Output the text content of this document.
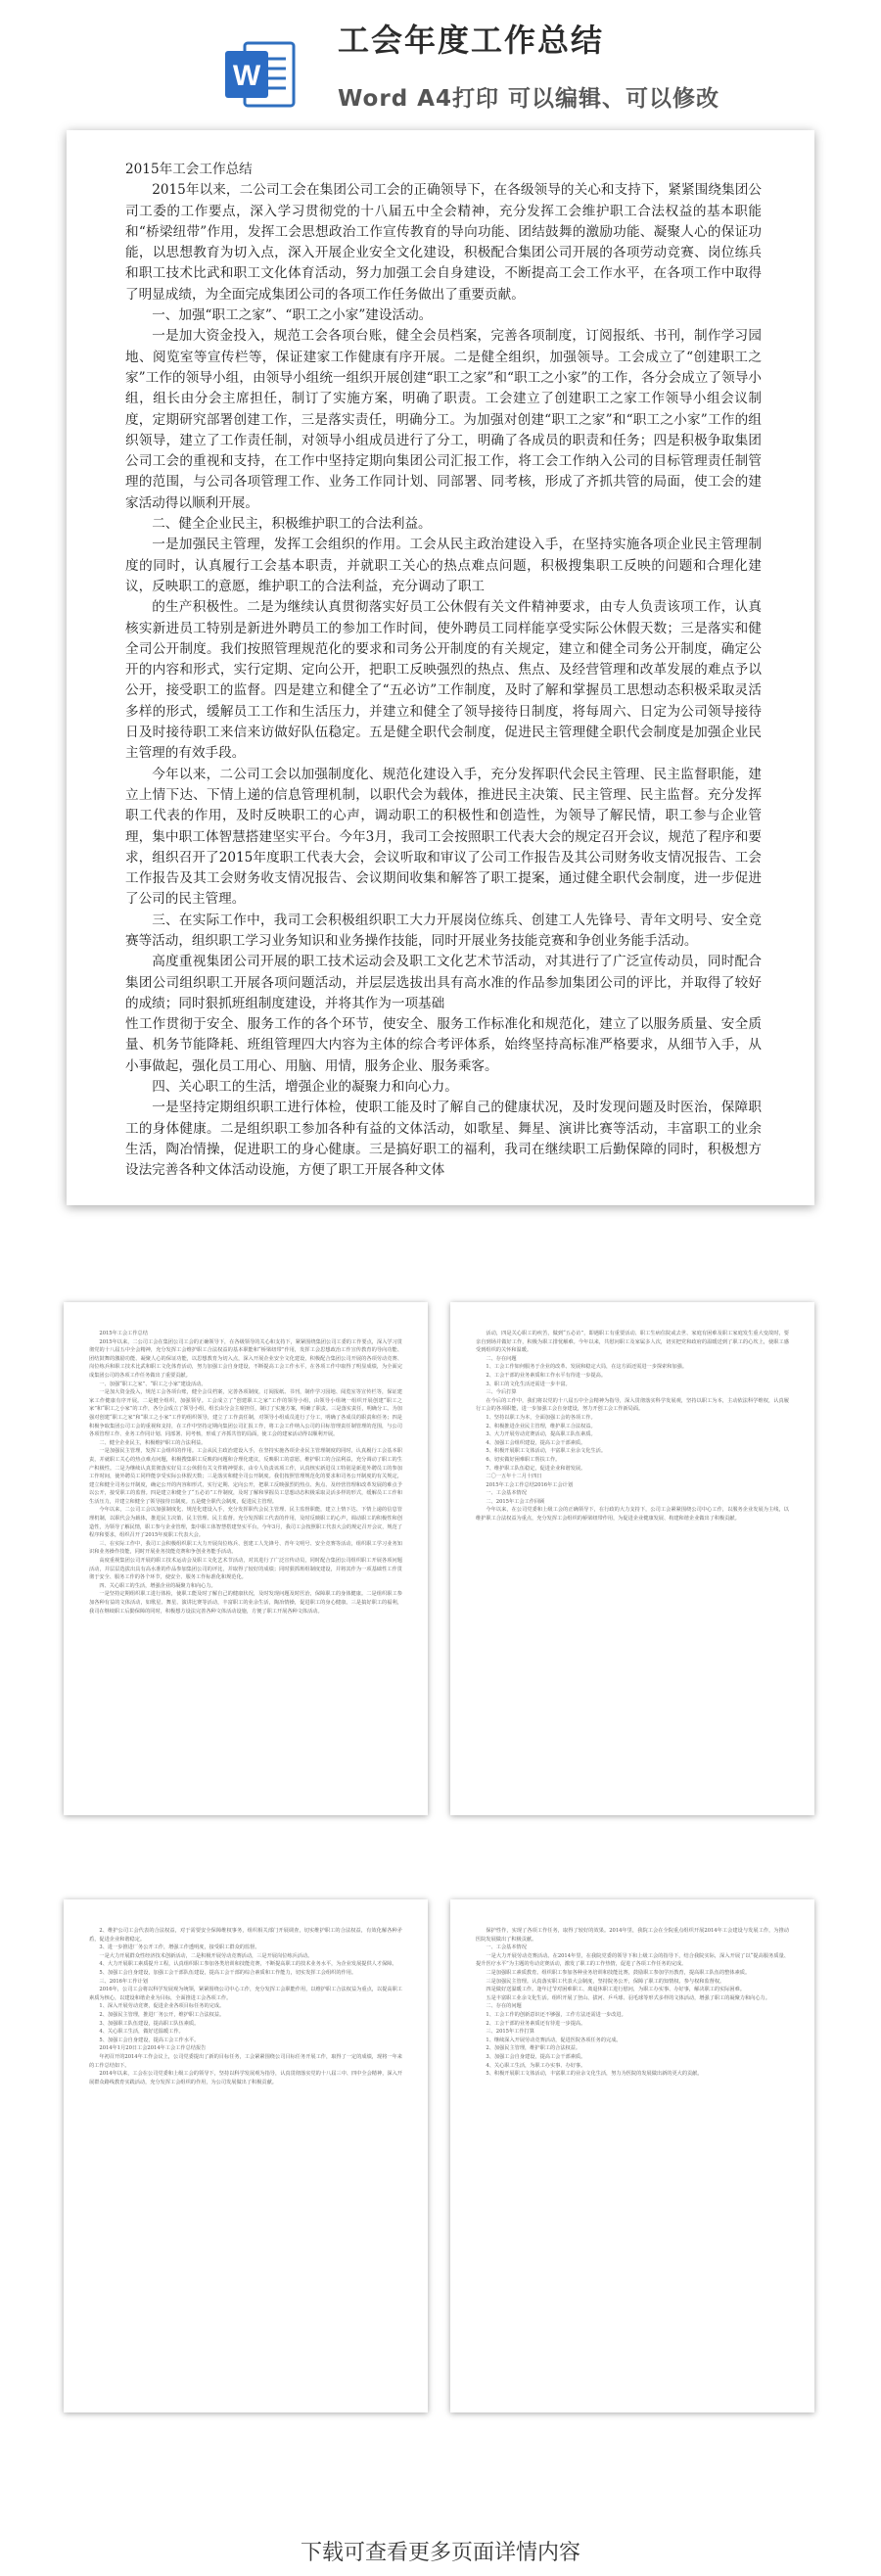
W
工会年度工作总结
Word A4打印 可以编辑、可以修改

2015年工会工作总结

2015年以来，二公司工会在集团公司工会的正确领导下，在各级领导的关心和支持下，紧紧围绕集团公司工委的工作要点，深入学习贯彻党的十八届五中全会精神，充分发挥工会维护职工合法权益的基本职能和“桥梁纽带”作用，发挥工会思想政治工作宣传教育的导向功能、团结鼓舞的激励功能、凝聚人心的保证功能，以思想教育为切入点，深入开展企业安全文化建设，积极配合集团公司开展的各项劳动竞赛、岗位练兵和职工技术比武和职工文化体育活动，努力加强工会自身建设，不断提高工会工作水平，在各项工作中取得了明显成绩，为全面完成集团公司的各项工作任务做出了重要贡献。

一、加强“职工之家”、“职工之小家”建设活动。

一是加大资金投入，规范工会各项台账，健全会员档案，完善各项制度，订阅报纸、书刊，制作学习园地、阅览室等宣传栏等，保证建家工作健康有序开展。二是健全组织，加强领导。工会成立了“创建职工之家”工作的领导小组，由领导小组统一组织开展创建“职工之家”和“职工之小家”的工作，各分会成立了领导小组，组长由分会主席担任，制订了实施方案，明确了职责。工会建立了创建职工之家工作领导小组会议制度，定期研究部署创建工作，三是落实责任，明确分工。为加强对创建“职工之家”和“职工之小家”工作的组织领导，建立了工作责任制，对领导小组成员进行了分工，明确了各成员的职责和任务；四是积极争取集团公司工会的重视和支持，在工作中坚持定期向集团公司汇报工作，将工会工作纳入公司的目标管理责任制管理的范围，与公司各项管理工作、业务工作同计划、同部署、同考核，形成了齐抓共管的局面，使工会的建家活动得以顺利开展。

二、健全企业民主，积极维护职工的合法利益。

一是加强民主管理，发挥工会组织的作用。工会从民主政治建设入手，在坚持实施各项企业民主管理制度的同时，认真履行工会基本职责，并就职工关心的热点难点问题，积极搜集职工反映的问题和合理化建议，反映职工的意愿，维护职工的合法利益，充分调动了职工

的生产积极性。二是为继续认真贯彻落实好员工公休假有关文件精神要求，由专人负责该项工作，认真核实新进员工特别是新进外聘员工的参加工作时间，使外聘员工同样能享受实际公休假天数；三是落实和健全司公开制度。我们按照管理规范化的要求和司务公开制度的有关规定，建立和健全司务公开制度，确定公开的内容和形式，实行定期、定向公开，把职工反映强烈的热点、焦点、及经营管理和改革发展的难点予以公开，接受职工的监督。四是建立和健全了“五必访”工作制度，及时了解和掌握员工思想动态积极采取灵活多样的形式，缓解员工工作和生活压力，并建立和健全了领导接待日制度，将每周六、日定为公司领导接待日及时接待职工来信来访做好队伍稳定。五是健全职代会制度，促进民主管理健全职代会制度是加强企业民主管理的有效手段。

今年以来，二公司工会以加强制度化、规范化建设入手，充分发挥职代会民主管理、民主监督职能，建立上情下达、下情上递的信息管理机制，以职代会为载体，推进民主决策、民主管理、民主监督。充分发挥职工代表的作用，及时反映职工的心声，调动职工的积极性和创造性，为领导了解民情，职工参与企业管理，集中职工体智慧搭建坚实平台。今年3月，我司工会按照职工代表大会的规定召开会议，规范了程序和要求，组织召开了2015年度职工代表大会，会议听取和审议了公司工作报告及其公司财务收支情况报告、工会工作报告及其工会财务收支情况报告、会议期间收集和解答了职工提案，通过健全职代会制度，进一步促进了公司的民主管理。

三、在实际工作中，我司工会积极组织职工大力开展岗位练兵、创建工人先锋号、青年文明号、安全竞赛等活动，组织职工学习业务知识和业务操作技能，同时开展业务技能竞赛和争创业务能手活动。

高度重视集团公司开展的职工技术运动会及职工文化艺术节活动，对其进行了广泛宣传动员，同时配合集团公司组织职工开展各项问题活动，并层层选拔出具有高水准的作品参加集团公司的评比，并取得了较好的成绩；同时狠抓班组制度建设，并将其作为一项基础

性工作贯彻于安全、服务工作的各个环节，使安全、服务工作标准化和规范化，建立了以服务质量、安全质量、机务节能降耗、班组管理四大内容为主体的综合考评体系，始终坚持高标准严格要求，从细节入手，从小事做起，强化员工用心、用脑、用情，服务企业、服务乘客。

四、关心职工的生活，增强企业的凝聚力和向心力。

一是坚持定期组织职工进行体检，使职工能及时了解自己的健康状况，及时发现问题及时医治，保障职工的身体健康。二是组织职工参加各种有益的文体活动，如歌星、舞星、演讲比赛等活动，丰富职工的业余生活，陶冶情操，促进职工的身心健康。三是搞好职工的福利，我司在继续职工后勤保障的同时，积极想方设法完善各种文体活动设施，方便了职工开展各种文体

2015年工会工作总结

2015年以来，二公司工会在集团公司工会的正确领导下，在各级领导的关心和支持下，紧紧围绕集团公司工委的工作要点，深入学习贯彻党的十八届五中全会精神，充分发挥工会维护职工合法权益的基本职能和“桥梁纽带”作用，发挥工会思想政治工作宣传教育的导向功能、团结鼓舞的激励功能、凝聚人心的保证功能，以思想教育为切入点，深入开展企业安全文化建设，积极配合集团公司开展的各项劳动竞赛、岗位练兵和职工技术比武和职工文化体育活动，努力加强工会自身建设，不断提高工会工作水平，在各项工作中取得了明显成绩，为全面完成集团公司的各项工作任务做出了重要贡献。

一、加强“职工之家”、“职工之小家”建设活动。

一是加大资金投入，规范工会各项台账，健全会员档案，完善各项制度，订阅报纸、书刊，制作学习园地、阅览室等宣传栏等，保证建家工作健康有序开展。二是健全组织，加强领导。工会成立了“创建职工之家”工作的领导小组，由领导小组统一组织开展创建“职工之家”和“职工之小家”的工作，各分会成立了领导小组，组长由分会主席担任，制订了实施方案，明确了职责。三是落实责任，明确分工。为加强对创建“职工之家”和“职工之小家”工作的组织领导，建立了工作责任制，对领导小组成员进行了分工，明确了各成员的职责和任务；四是积极争取集团公司工会的重视和支持，在工作中坚持定期向集团公司汇报工作，将工会工作纳入公司的目标管理责任制管理的范围，与公司各项管理工作、业务工作同计划、同部署、同考核，形成了齐抓共管的局面，使工会的建家活动得以顺利开展。

二、健全企业民主，积极维护职工的合法利益。

一是加强民主管理，发挥工会组织的作用。工会从民主政治建设入手，在坚持实施各项企业民主管理制度的同时，认真履行工会基本职责，并就职工关心的热点难点问题，积极搜集职工反映的问题和合理化建议，反映职工的意愿，维护职工的合法利益，充分调动了职工的生产积极性。二是为继续认真贯彻落实好员工公休假有关文件精神要求，由专人负责该项工作，认真核实新进员工特别是新进外聘员工的参加工作时间，使外聘员工同样能享受实际公休假天数；三是落实和健全司公开制度。我们按照管理规范化的要求和司务公开制度的有关规定，建立和健全司务公开制度，确定公开的内容和形式，实行定期、定向公开，把职工反映强烈的热点、焦点、及经营管理和改革发展的难点予以公开，接受职工的监督。四是建立和健全了“五必访”工作制度，及时了解和掌握员工思想动态积极采取灵活多样的形式，缓解员工工作和生活压力，并建立和健全了领导接待日制度。五是健全职代会制度，促进民主管理。

今年以来，二公司工会以加强制度化、规范化建设入手，充分发挥职代会民主管理、民主监督职能，建立上情下达、下情上递的信息管理机制，以职代会为载体，推进民主决策、民主管理、民主监督。充分发挥职工代表的作用，及时反映职工的心声，调动职工的积极性和创造性，为领导了解民情，职工参与企业管理，集中职工体智慧搭建坚实平台。今年3月，我司工会按照职工代表大会的规定召开会议，规范了程序和要求，组织召开了2015年度职工代表大会。

三、在实际工作中，我司工会积极组织职工大力开展岗位练兵、创建工人先锋号、青年文明号、安全竞赛等活动，组织职工学习业务知识和业务操作技能，同时开展业务技能竞赛和争创业务能手活动。

高度重视集团公司开展的职工技术运动会及职工文化艺术节活动，对其进行了广泛宣传动员，同时配合集团公司组织职工开展各项问题活动，并层层选拔出具有高水准的作品参加集团公司的评比，并取得了较好的成绩；同时狠抓班组制度建设，并将其作为一项基础性工作贯彻于安全、服务工作的各个环节，使安全、服务工作标准化和规范化。

四、关心职工的生活，增强企业的凝聚力和向心力。

一是坚持定期组织职工进行体检，使职工能及时了解自己的健康状况，及时发现问题及时医治，保障职工的身体健康。二是组织职工参加各种有益的文体活动，如歌星、舞星、演讲比赛等活动，丰富职工的业余生活，陶冶情操，促进职工的身心健康。三是搞好职工的福利，我司在继续职工后勤保障的同时，积极想方设法完善各种文体活动设施，方便了职工开展各种文体活动。

活动，四是关心职工的疾苦，做到“五必访”，即遇职工有重要活动、职工生病住院或去世、家庭有困难及职工家庭发生重大变故时，要亲自到场并做好工作，积极为职工排忧解难。今年以来，共慰问职工及家属多人次，切实把党和政府的温暖送到了职工的心坎上，使职工感受到组织的关怀和温暖。

二、存在问题

1、工会工作如何服务于企业的改革、发展和稳定大局，在这方面还需进一步探索和加强。

2、工会干部的业务素质和工作水平有待进一步提高。

3、职工的文化生活还需进一步丰富。

三、今后打算

在今后的工作中，我们将以党的十八届五中全会精神为指导，深入贯彻落实科学发展观，坚持以职工为本，主动依法科学维权，认真履行工会的各项职能，进一步加强工会自身建设，努力开创工会工作新局面。

1、坚持以职工为本，全面加强工会的各项工作。

2、积极推进企业民主管理，维护职工合法权益。

3、大力开展劳动竞赛活动，提高职工队伍素质。

4、加强工会组织建设，提高工会干部素质。

5、积极开展职工文体活动，丰富职工业余文化生活。

6、切实做好困难职工帮扶工作。

7、维护职工队伍稳定，促进企业和谐发展。

二〇一五年十二月十四日

2015年工会工作总结2016年工会计划

一、工会基本情况

二、2015年工会工作回顾

今年以来，在公司党委和上级工会的正确领导下，在行政的大力支持下，公司工会紧紧围绕公司中心工作，以服务企业发展为主线，以维护职工合法权益为重点，充分发挥工会组织的桥梁纽带作用，为促进企业健康发展、构建和谐企业做出了积极贡献。

2、维护公司工会代表的合法权益，对于需要安全保障维权事务，组织相关部门开展调查，切实维护职工的合法权益，有效化解各种矛盾，促进企业和谐稳定。

3、进一步推进厂务公开工作，增强工作透明度，接受职工群众的监督。

一是大力开展群众性经济技术创新活动，二是积极开展劳动竞赛活动，三是开展岗位练兵活动。

4、大力开展职工素质提升工程，认真组织职工参加各类培训和技能竞赛，不断提高职工的技术业务水平，为企业发展提供人才保障。

5、加强工会自身建设，加强工会干部队伍建设，提高工会干部的综合素质和工作能力，切实发挥工会组织的作用。

三、2016年工作计划

2016年，公司工会将以科学发展观为统领，紧紧围绕公司中心工作，充分发挥工会职能作用，以维护职工合法权益为重点，以提高职工素质为核心，以建设和谐企业为目标，全面推进工会各项工作。

1、深入开展劳动竞赛，促进企业各项目标任务的完成。

2、加强民主管理，推进厂务公开，维护职工合法权益。

3、加强职工队伍建设，提高职工队伍素质。

4、关心职工生活，做好送温暖工作。

5、加强工会自身建设，提高工会工作水平。

2014年1月20日工会2014年工会工作总结报告

年初召开的2014年工作会议上，公司党委提出了新的目标任务，工会紧紧围绕公司目标任务开展工作，取得了一定的成绩，现将一年来的工作总结如下。

2014年以来，工会在公司党委和上级工会的领导下，坚持以科学发展观为指导，认真贯彻落实党的十八届三中、四中全会精神，深入开展群众路线教育实践活动，充分发挥工会组织的作用，为公司发展做出了积极贡献。

保护性作，实现了各项工作任务，取得了较好的效果。2014年里，我院工会在全院重点组织开展2014年工会建设与发展工作，为推动医院发展做出了积极贡献。

一、工会基本情况

一是大力开展劳动竞赛活动。在2014年里，在我院党委的领导下和上级工会的指导下，结合我院实际，深入开展了以“提高服务质量、提升医疗水平”为主题的劳动竞赛活动，激发了职工的工作热情，促进了各项工作任务的完成。

二是加强职工素质教育。组织职工参加各种业务培训和技能比赛，鼓励职工参加学历教育，提高职工队伍的整体素质。

三是加强民主管理。认真落实职工代表大会制度，坚持院务公开，保障了职工的知情权、参与权和监督权。

四是做好送温暖工作。逢年过节对困难职工、离退休职工进行慰问，为职工办实事、办好事，解决职工的实际困难。

五是丰富职工业余文化生活。组织开展了登山、拔河、乒乓球、羽毛球等形式多样的文体活动，增强了职工的凝聚力和向心力。

二、存在的问题

1、工会工作的创新意识还不够强，工作方法还需进一步改进。

2、工会干部的业务素质还有待进一步提高。

三、2015年工作打算

1、继续深入开展劳动竞赛活动，促进医院各项任务的完成。

2、加强民主管理，维护职工的合法权益。

3、加强工会自身建设，提高工会干部素质。

4、关心职工生活，为职工办实事、办好事。

5、积极开展职工文体活动，丰富职工的业余文化生活，努力为医院的发展做出新的更大的贡献。

下载可查看更多页面详情内容
